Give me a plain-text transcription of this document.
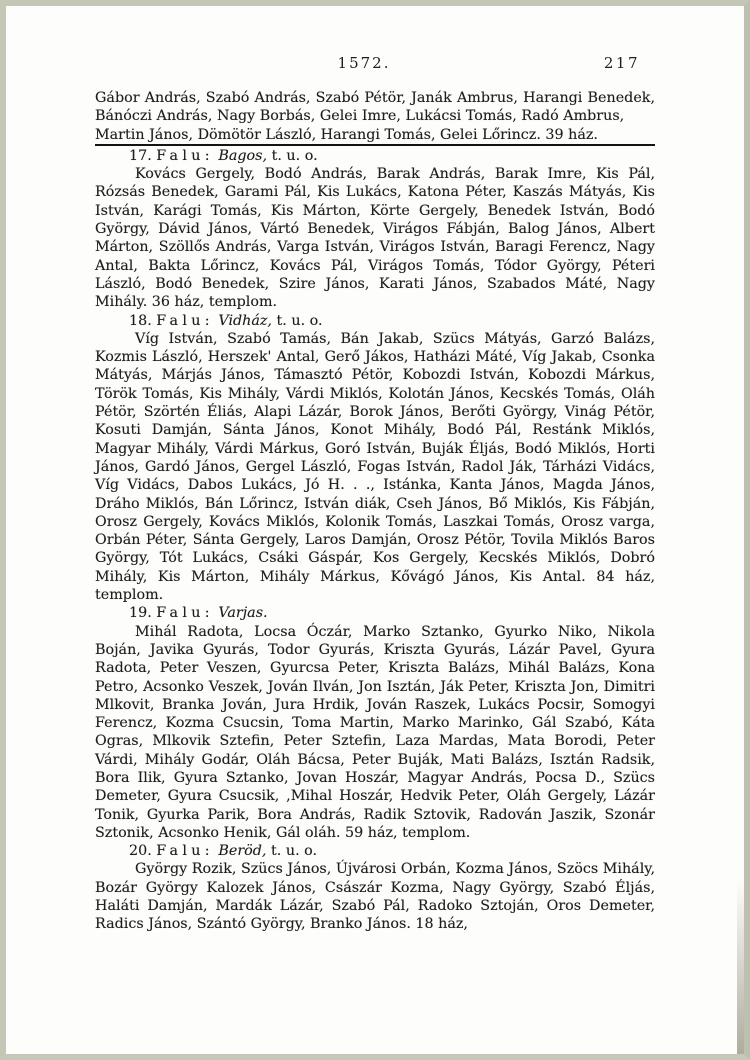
1572.	217

Gábor András, Szabó András, Szabó Pétör, Janák Ambrus, Harangi Benedek, Bánóczi András, Nagy Borbás, Gelei Imre, Lukácsi Tomás, Radó Ambrus,

Martin János, Dömötör László, Harangi Tomás, Gelei Lőrincz. 39 ház.
17. Falu: Bagos, t. u. o.

Kovács Gergely, Bodó András, Barak András, Barak Imre, Kis Pál, Rózsás Benedek, Garami Pál, Kis Lukács, Katona Péter, Kaszás Mátyás, Kis István, Karági Tomás, Kis Márton, Körte Gergely, Benedek István, Bodó György, Dávid János, Vártó Benedek, Virágos Fábján, Balog János, Albert Márton, Szöllős András, Varga István, Virágos István, Baragi Ferencz, Nagy Antal, Bakta Lőrincz, Kovács Pál, Virágos Tomás, Tódor György, Péteri László, Bodó Benedek, Szire János, Karati János, Szabados Máté, Nagy Mihály. 36 ház, templom.

18. Falu: Vidház, t. u. o.

Víg István, Szabó Tamás, Bán Jakab, Szücs Mátyás, Garzó Balázs, Kozmis László, Herszek' Antal, Gerő Jákos, Hatházi Máté, Víg Jakab, Csonka Mátyás, Márjás János, Támasztó Pétör, Kobozdi István, Kobozdi Márkus, Török Tomás, Kis Mihály, Várdi Miklós, Kolotán János, Kecskés Tomás, Oláh Pétör, Szörtén Éliás, Alapi Lázár, Borok János, Berőti György, Vinág Pétör, Kosuti Damján, Sánta János, Konot Mihály, Bodó Pál, Restánk Miklós, Magyar Mihály, Várdi Márkus, Goró István, Buják Éljás, Bodó Miklós, Horti János, Gardó János, Gergel László, Fogas István, Radol Ják, Tárházi Vidács, Víg Vidács, Dabos Lukács, Jó H. . ., Istánka, Kanta János, Magda János, Dráho Miklós, Bán Lőrincz, István diák, Cseh János, Bő Miklós, Kis Fábján, Orosz Gergely, Kovács Miklós, Kolonik Tomás, Laszkai Tomás, Orosz varga, Orbán Péter, Sánta Gergely, Laros Damján, Orosz Pétör, Tovila Miklós Baros György, Tót Lukács, Csáki Gáspár, Kos Gergely, Kecskés Miklós, Dobró Mihály, Kis Márton, Mihály Márkus, Kővágó János, Kis Antal. 84 ház, templom.

19. Falu: Varjas.

Mihál Radota, Locsa Óczár, Marko Sztanko, Gyurko Niko, Nikola Boján, Javika Gyurás, Todor Gyurás, Kriszta Gyurás, Lázár Pavel, Gyura Radota, Peter Veszen, Gyurcsa Peter, Kriszta Balázs, Mihál Balázs, Kona Petro, Acsonko Veszek, Jován Ilván, Jon Isztán, Ják Peter, Kriszta Jon, Dimitri Mlkovit, Branka Jován, Jura Hrdik, Jován Raszek, Lukács Pocsir, Somogyi Ferencz, Kozma Csucsin, Toma Martin, Marko Marinko, Gál Szabó, Káta Ogras, Mlkovik Sztefin, Peter Sztefin, Laza Mardas, Mata Borodi, Peter Várdi, Mihály Godár, Oláh Bácsa, Peter Buják, Mati Balázs, Isztán Radsik, Bora Ilik, Gyura Sztanko, Jovan Hoszár, Magyar András, Pocsa D., Szücs Demeter, Gyura Csucsik, ,Mihal Hoszár, Hedvik Peter, Oláh Gergely, Lázár Tonik, Gyurka Parik, Bora András, Radik Sztovik, Radován Jaszik, Szonár Sztonik, Acsonko Henik, Gál oláh. 59 ház, templom.

20. Falu: Beröd, t. u. o.

György Rozik, Szücs János, Újvárosi Orbán, Kozma János, Szöcs Mihály, Bozár György Kalozek János, Császár Kozma, Nagy György, Szabó Éljás, Haláti Damján, Mardák Lázár, Szabó Pál, Radoko Sztoján, Oros Demeter, Radics János, Szántó György, Branko János. 18 ház,
